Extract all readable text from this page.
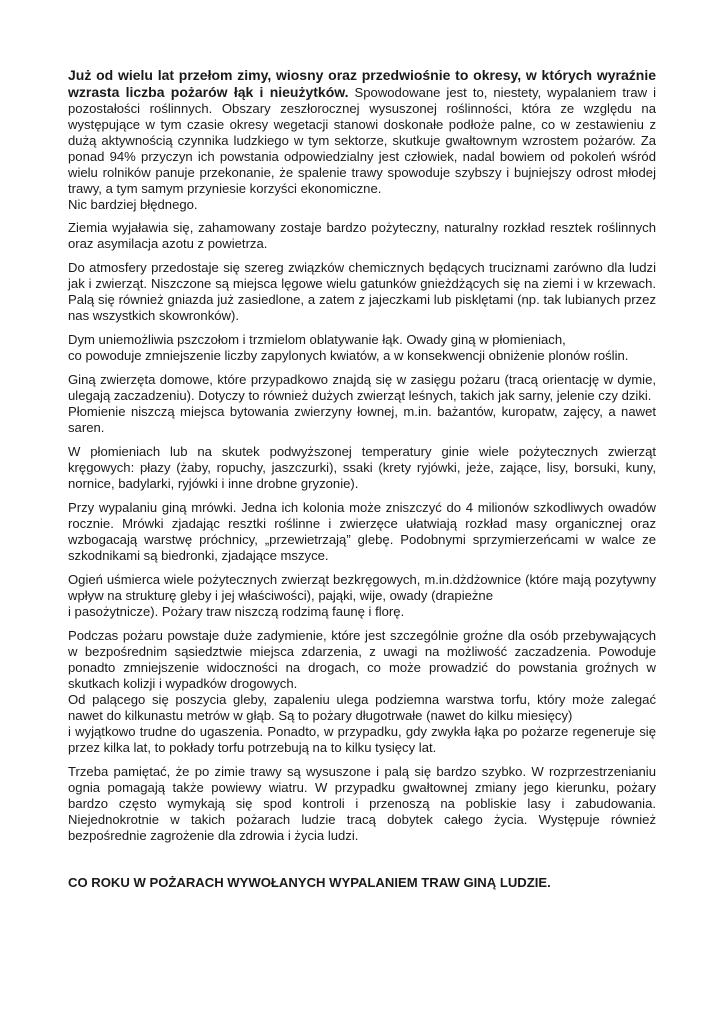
Już od wielu lat przełom zimy, wiosny oraz przedwiośnie to okresy, w których wyraźnie wzrasta liczba pożarów łąk i nieużytków. Spowodowane jest to, niestety, wypalaniem traw i pozostałości roślinnych. Obszary zeszłorocznej wysuszonej roślinności, która ze względu na występujące w tym czasie okresy wegetacji stanowi doskonałe podłoże palne, co w zestawieniu z dużą aktywnością czynnika ludzkiego w tym sektorze, skutkuje gwałtownym wzrostem pożarów. Za ponad 94% przyczyn ich powstania odpowiedzialny jest człowiek, nadal bowiem od pokoleń wśród wielu rolników panuje przekonanie, że spalenie trawy spowoduje szybszy i bujniejszy odrost młodej trawy, a tym samym przyniesie korzyści ekonomiczne.
Nic bardziej błędnego.

Ziemia wyjaławia się, zahamowany zostaje bardzo pożyteczny, naturalny rozkład resztek roślinnych oraz asymilacja azotu z powietrza.

Do atmosfery przedostaje się szereg związków chemicznych będących truciznami zarówno dla ludzi jak i zwierząt. Niszczone są miejsca lęgowe wielu gatunków gnieżdżących się na ziemi i w krzewach. Palą się również gniazda już zasiedlone, a zatem z jajeczkami lub pisklętami (np. tak lubianych przez nas wszystkich skowronków).

Dym uniemożliwia pszczołom i trzmielom oblatywanie łąk. Owady giną w płomieniach,
co powoduje zmniejszenie liczby zapylonych kwiatów, a w konsekwencji obniżenie plonów roślin.

Giną zwierzęta domowe, które przypadkowo znajdą się w zasięgu pożaru (tracą orientację w dymie, ulegają zaczadzeniu). Dotyczy to również dużych zwierząt leśnych, takich jak sarny, jelenie czy dziki.
Płomienie niszczą miejsca bytowania zwierzyny łownej, m.in. bażantów, kuropatw, zajęcy, a nawet saren.

W płomieniach lub na skutek podwyższonej temperatury ginie wiele pożytecznych zwierząt kręgowych: płazy (żaby, ropuchy, jaszczurki), ssaki (krety ryjówki, jeże, zające, lisy, borsuki, kuny, nornice, badylarki, ryjówki i inne drobne gryzonie).

Przy wypalaniu giną mrówki. Jedna ich kolonia może zniszczyć do 4 milionów szkodliwych owadów rocznie. Mrówki zjadając resztki roślinne i zwierzęce ułatwiają rozkład masy organicznej oraz wzbogacają warstwę próchnicy, „przewietrzają” glebę. Podobnymi sprzymierzeńcami w walce ze szkodnikami są biedronki, zjadające mszyce.

Ogień uśmierca wiele pożytecznych zwierząt bezkręgowych, m.in.dżdżownice (które mają pozytywny wpływ na strukturę gleby i jej właściwości), pająki, wije, owady (drapieżne
i pasożytnicze). Pożary traw niszczą rodzimą faunę i florę.

Podczas pożaru powstaje duże zadymienie, które jest szczególnie groźne dla osób przebywających w bezpośrednim sąsiedztwie miejsca zdarzenia, z uwagi na możliwość zaczadzenia. Powoduje ponadto zmniejszenie widoczności na drogach, co może prowadzić do powstania groźnych w skutkach kolizji i wypadków drogowych.
Od palącego się poszycia gleby, zapaleniu ulega podziemna warstwa torfu, który może zalegać nawet do kilkunastu metrów w głąb. Są to pożary długotrwałe (nawet do kilku miesięcy)
i wyjątkowo trudne do ugaszenia. Ponadto, w przypadku, gdy zwykła łąka po pożarze regeneruje się przez kilka lat, to pokłady torfu potrzebują na to kilku tysięcy lat.

Trzeba pamiętać, że po zimie trawy są wysuszone i palą się bardzo szybko. W rozprzestrzenianiu ognia pomagają także powiewy wiatru. W przypadku gwałtownej zmiany jego kierunku, pożary bardzo często wymykają się spod kontroli i przenoszą na pobliskie lasy i zabudowania. Niejednokrotnie w takich pożarach ludzie tracą dobytek całego życia. Występuje również bezpośrednie zagrożenie dla zdrowia i życia ludzi.

CO ROKU W POŻARACH WYWOŁANYCH WYPALANIEM TRAW GINĄ LUDZIE.
